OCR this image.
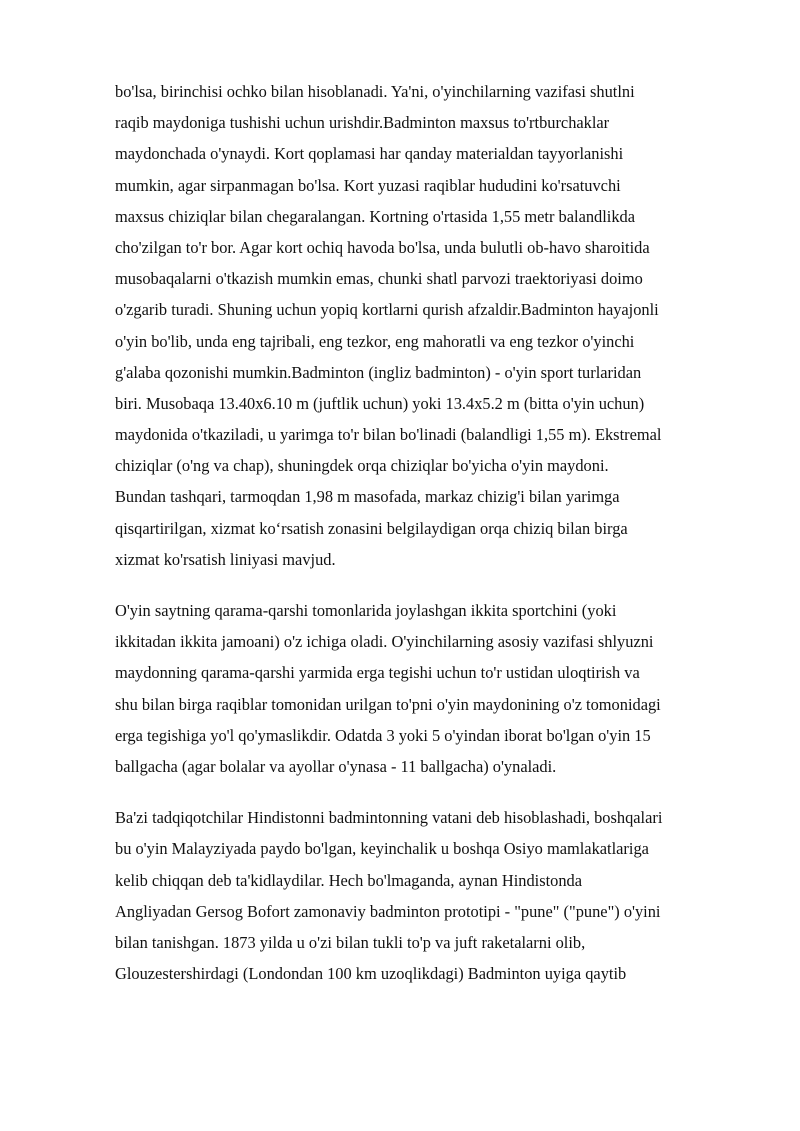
bo'lsa, birinchisi ochko bilan hisoblanadi. Ya'ni, o'yinchilarning vazifasi shutlni
raqib maydoniga tushishi uchun urishdir.Badminton maxsus to'rtburchaklar
maydonchada o'ynaydi. Kort qoplamasi har qanday materialdan tayyorlanishi
mumkin, agar sirpanmagan bo'lsa. Kort yuzasi raqiblar hududini ko'rsatuvchi
maxsus chiziqlar bilan chegaralangan. Kortning o'rtasida 1,55 metr balandlikda
cho'zilgan to'r bor. Agar kort ochiq havoda bo'lsa, unda bulutli ob-havo sharoitida
musobaqalarni o'tkazish mumkin emas, chunki shatl parvozi traektoriyasi doimo
o'zgarib turadi. Shuning uchun yopiq kortlarni qurish afzaldir.Badminton hayajonli
o'yin bo'lib, unda eng tajribali, eng tezkor, eng mahoratli va eng tezkor o'yinchi
g'alaba qozonishi mumkin.Badminton (ingliz badminton) - o'yin sport turlaridan
biri. Musobaqa 13.40x6.10 m (juftlik uchun) yoki 13.4x5.2 m (bitta o'yin uchun)
maydonida o'tkaziladi, u yarimga to'r bilan bo'linadi (balandligi 1,55 m). Ekstremal
chiziqlar (o'ng va chap), shuningdek orqa chiziqlar bo'yicha o'yin maydoni.
Bundan tashqari, tarmoqdan 1,98 m masofada, markaz chizig'i bilan yarimga
qisqartirilgan, xizmat ko‘rsatish zonasini belgilaydigan orqa chiziq bilan birga
xizmat ko'rsatish liniyasi mavjud.

O'yin saytning qarama-qarshi tomonlarida joylashgan ikkita sportchini (yoki
ikkitadan ikkita jamoani) o'z ichiga oladi. O'yinchilarning asosiy vazifasi shlyuzni
maydonning qarama-qarshi yarmida erga tegishi uchun to'r ustidan uloqtirish va
shu bilan birga raqiblar tomonidan urilgan to'pni o'yin maydonining o'z tomonidagi
erga tegishiga yo'l qo'ymaslikdir. Odatda 3 yoki 5 o'yindan iborat bo'lgan o'yin 15
ballgacha (agar bolalar va ayollar o'ynasa - 11 ballgacha) o'ynaladi.

Ba'zi tadqiqotchilar Hindistonni badmintonning vatani deb hisoblashadi, boshqalari
bu o'yin Malayziyada paydo bo'lgan, keyinchalik u boshqa Osiyo mamlakatlariga
kelib chiqqan deb ta'kidlaydilar. Hech bo'lmaganda, aynan Hindistonda
Angliyadan Gersog Bofort zamonaviy badminton prototipi - "pune" ("pune") o'yini
bilan tanishgan. 1873 yilda u o'zi bilan tukli to'p va juft raketalarni olib,
Glouzestershirdagi (Londondan 100 km uzoqlikdagi) Badminton uyiga qaytib
